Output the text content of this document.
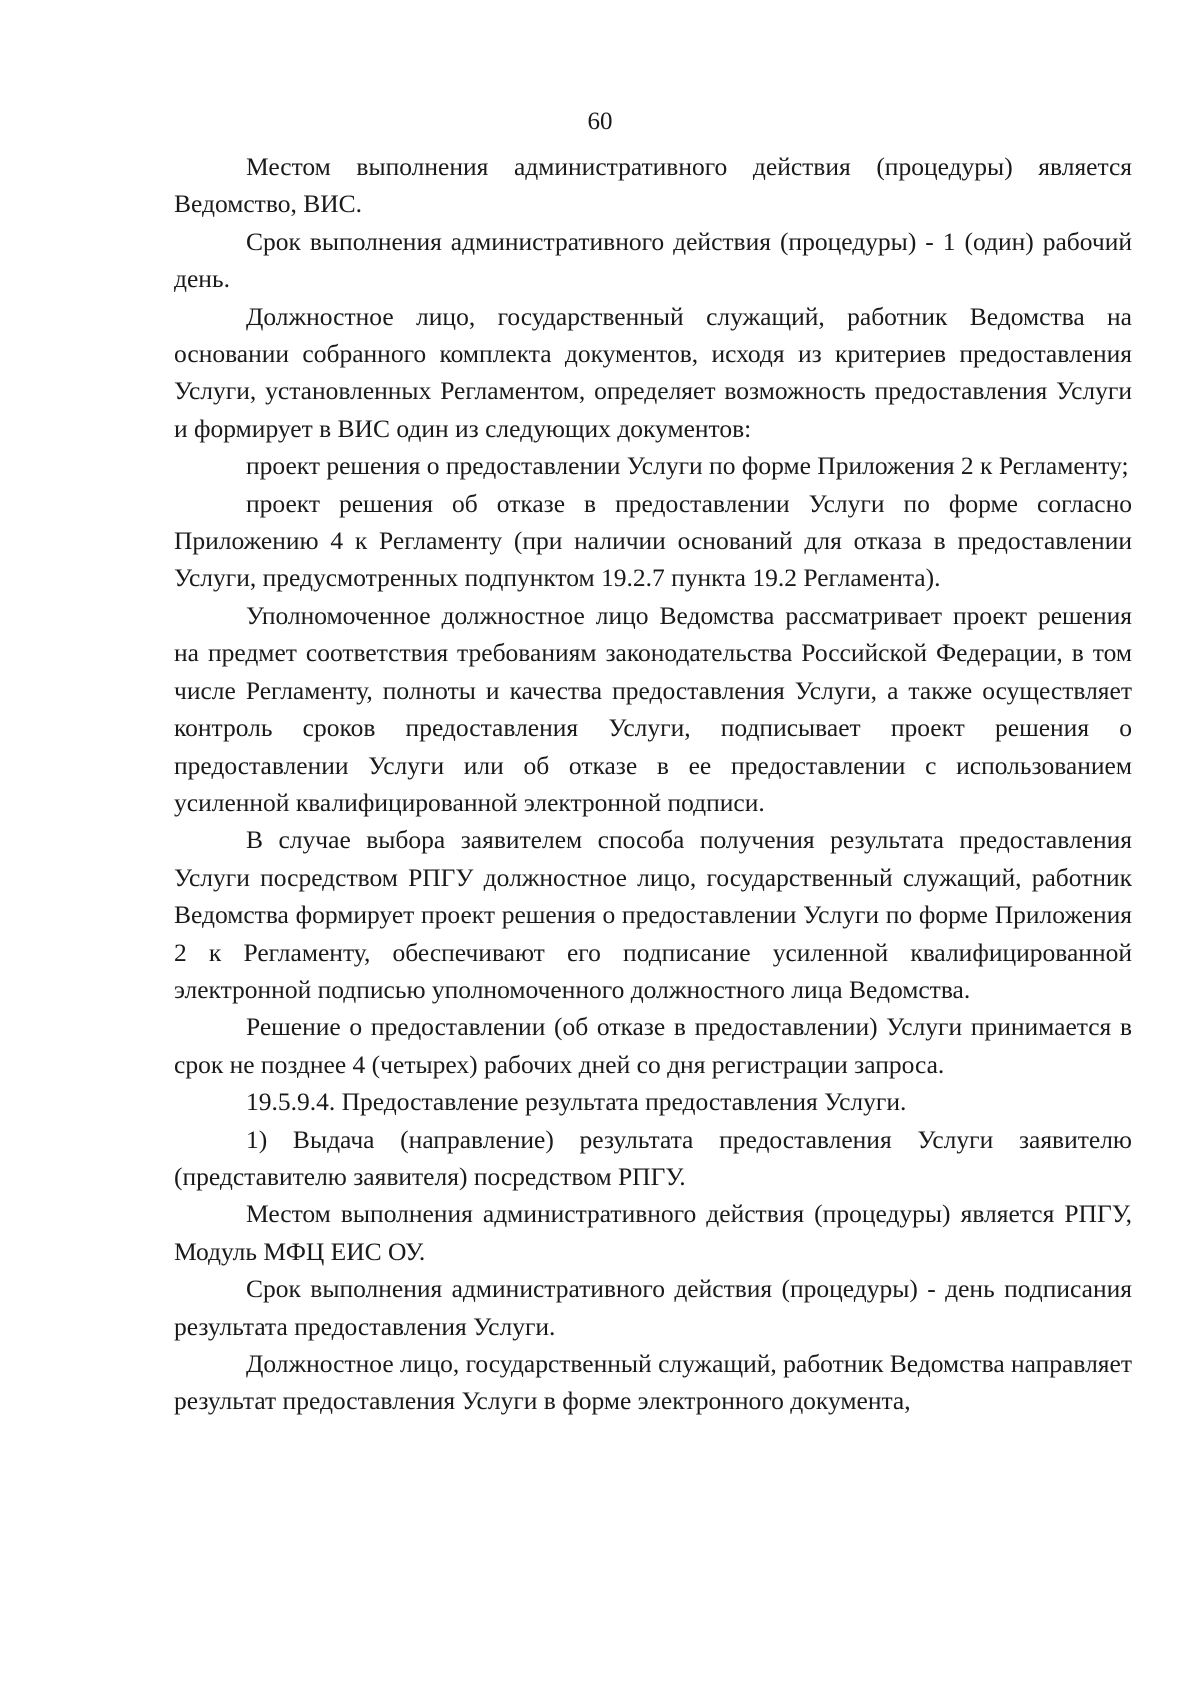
60

Местом выполнения административного действия (процедуры) является Ведомство, ВИС.

Срок выполнения административного действия (процедуры) - 1 (один) рабочий день.

Должностное лицо, государственный служащий, работник Ведомства на основании собранного комплекта документов, исходя из критериев предоставления Услуги, установленных Регламентом, определяет возможность предоставления Услуги и формирует в ВИС один из следующих документов:

проект решения о предоставлении Услуги по форме Приложения 2 к Регламенту;

проект решения об отказе в предоставлении Услуги по форме согласно Приложению 4 к Регламенту (при наличии оснований для отказа в предоставлении Услуги, предусмотренных подпунктом 19.2.7 пункта 19.2 Регламента).

Уполномоченное должностное лицо Ведомства рассматривает проект решения на предмет соответствия требованиям законодательства Российской Федерации, в том числе Регламенту, полноты и качества предоставления Услуги, а также осуществляет контроль сроков предоставления Услуги, подписывает проект решения о предоставлении Услуги или об отказе в ее предоставлении с использованием усиленной квалифицированной электронной подписи.

В случае выбора заявителем способа получения результата предоставления Услуги посредством РПГУ должностное лицо, государственный служащий, работник Ведомства формирует проект решения о предоставлении Услуги по форме Приложения 2 к Регламенту, обеспечивают его подписание усиленной квалифицированной электронной подписью уполномоченного должностного лица Ведомства.

Решение о предоставлении (об отказе в предоставлении) Услуги принимается в срок не позднее 4 (четырех) рабочих дней со дня регистрации запроса.

19.5.9.4. Предоставление результата предоставления Услуги.

1) Выдача (направление) результата предоставления Услуги заявителю (представителю заявителя) посредством РПГУ.

Местом выполнения административного действия (процедуры) является РПГУ, Модуль МФЦ ЕИС ОУ.

Срок выполнения административного действия (процедуры) - день подписания результата предоставления Услуги.

Должностное лицо, государственный служащий, работник Ведомства направляет результат предоставления Услуги в форме электронного документа,
